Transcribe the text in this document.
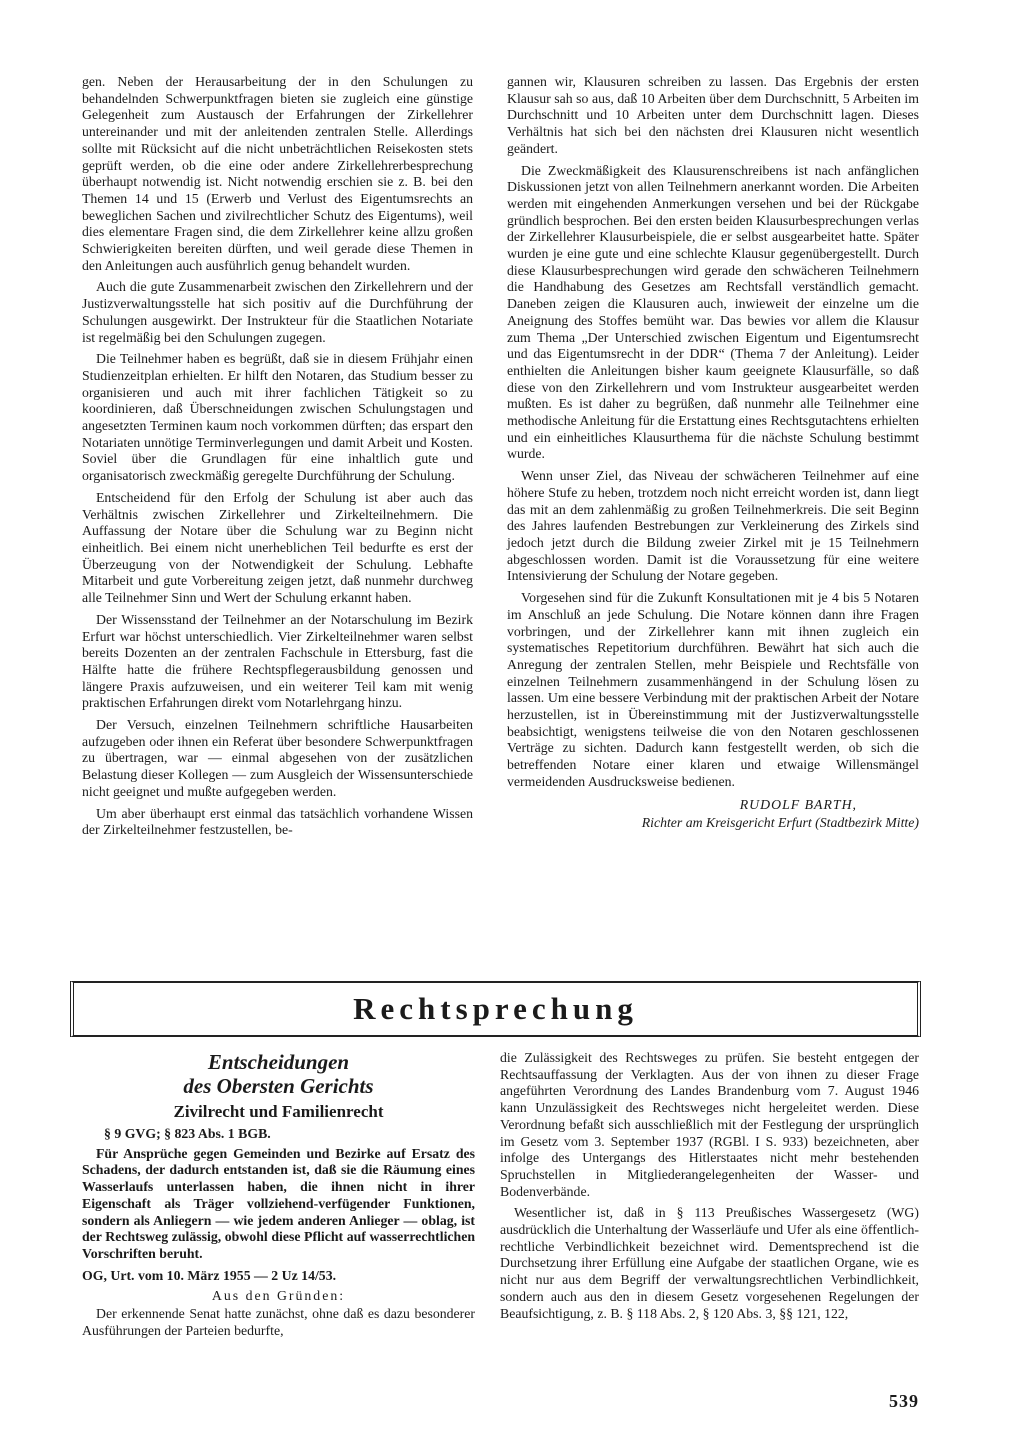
gen. Neben der Herausarbeitung der in den Schulungen zu behandelnden Schwerpunktfragen bieten sie zugleich eine günstige Gelegenheit zum Austausch der Erfahrungen der Zirkellehrer untereinander und mit der anleitenden zentralen Stelle. Allerdings sollte mit Rücksicht auf die nicht unbeträchtlichen Reisekosten stets geprüft werden, ob die eine oder andere Zirkellehrerbesprechung überhaupt notwendig ist. Nicht notwendig erschien sie z. B. bei den Themen 14 und 15 (Erwerb und Verlust des Eigentumsrechts an beweglichen Sachen und zivilrechtlicher Schutz des Eigentums), weil dies elementare Fragen sind, die dem Zirkellehrer keine allzu großen Schwierigkeiten bereiten dürften, und weil gerade diese Themen in den Anleitungen auch ausführlich genug behandelt wurden.

Auch die gute Zusammenarbeit zwischen den Zirkellehrern und der Justizverwaltungsstelle hat sich positiv auf die Durchführung der Schulungen ausgewirkt. Der Instrukteur für die Staatlichen Notariate ist regelmäßig bei den Schulungen zugegen.

Die Teilnehmer haben es begrüßt, daß sie in diesem Frühjahr einen Studienzeitplan erhielten. Er hilft den Notaren, das Studium besser zu organisieren und auch mit ihrer fachlichen Tätigkeit so zu koordinieren, daß Überschneidungen zwischen Schulungstagen und angesetzten Terminen kaum noch vorkommen dürften; das erspart den Notariaten unnötige Terminverlegungen und damit Arbeit und Kosten. Soviel über die Grundlagen für eine inhaltlich gute und organisatorisch zweckmäßig geregelte Durchführung der Schulung.

Entscheidend für den Erfolg der Schulung ist aber auch das Verhältnis zwischen Zirkellehrer und Zirkelteilnehmern. Die Auffassung der Notare über die Schulung war zu Beginn nicht einheitlich. Bei einem nicht unerheblichen Teil bedurfte es erst der Überzeugung von der Notwendigkeit der Schulung. Lebhafte Mitarbeit und gute Vorbereitung zeigen jetzt, daß nunmehr durchweg alle Teilnehmer Sinn und Wert der Schulung erkannt haben.

Der Wissensstand der Teilnehmer an der Notarschulung im Bezirk Erfurt war höchst unterschiedlich. Vier Zirkelteilnehmer waren selbst bereits Dozenten an der zentralen Fachschule in Ettersburg, fast die Hälfte hatte die frühere Rechtspflegerausbildung genossen und längere Praxis aufzuweisen, und ein weiterer Teil kam mit wenig praktischen Erfahrungen direkt vom Notarlehrgang hinzu.

Der Versuch, einzelnen Teilnehmern schriftliche Hausarbeiten aufzugeben oder ihnen ein Referat über besondere Schwerpunktfragen zu übertragen, war — einmal abgesehen von der zusätzlichen Belastung dieser Kollegen — zum Ausgleich der Wissensunterschiede nicht geeignet und mußte aufgegeben werden.

Um aber überhaupt erst einmal das tatsächlich vorhandene Wissen der Zirkelteilnehmer festzustellen, be-

gannen wir, Klausuren schreiben zu lassen. Das Ergebnis der ersten Klausur sah so aus, daß 10 Arbeiten über dem Durchschnitt, 5 Arbeiten im Durchschnitt und 10 Arbeiten unter dem Durchschnitt lagen. Dieses Verhältnis hat sich bei den nächsten drei Klausuren nicht wesentlich geändert.

Die Zweckmäßigkeit des Klausurenschreibens ist nach anfänglichen Diskussionen jetzt von allen Teilnehmern anerkannt worden. Die Arbeiten werden mit eingehenden Anmerkungen versehen und bei der Rückgabe gründlich besprochen. Bei den ersten beiden Klausurbesprechungen verlas der Zirkellehrer Klausurbeispiele, die er selbst ausgearbeitet hatte. Später wurden je eine gute und eine schlechte Klausur gegenübergestellt. Durch diese Klausurbesprechungen wird gerade den schwächeren Teilnehmern die Handhabung des Gesetzes am Rechtsfall verständlich gemacht. Daneben zeigen die Klausuren auch, inwieweit der einzelne um die Aneignung des Stoffes bemüht war. Das bewies vor allem die Klausur zum Thema „Der Unterschied zwischen Eigentum und Eigentumsrecht und das Eigentumsrecht in der DDR“ (Thema 7 der Anleitung). Leider enthielten die Anleitungen bisher kaum geeignete Klausurfälle, so daß diese von den Zirkellehrern und vom Instrukteur ausgearbeitet werden mußten. Es ist daher zu begrüßen, daß nunmehr alle Teilnehmer eine methodische Anleitung für die Erstattung eines Rechtsgutachtens erhielten und ein einheitliches Klausurthema für die nächste Schulung bestimmt wurde.

Wenn unser Ziel, das Niveau der schwächeren Teilnehmer auf eine höhere Stufe zu heben, trotzdem noch nicht erreicht worden ist, dann liegt das mit an dem zahlenmäßig zu großen Teilnehmerkreis. Die seit Beginn des Jahres laufenden Bestrebungen zur Verkleinerung des Zirkels sind jedoch jetzt durch die Bildung zweier Zirkel mit je 15 Teilnehmern abgeschlossen worden. Damit ist die Voraussetzung für eine weitere Intensivierung der Schulung der Notare gegeben.

Vorgesehen sind für die Zukunft Konsultationen mit je 4 bis 5 Notaren im Anschluß an jede Schulung. Die Notare können dann ihre Fragen vorbringen, und der Zirkellehrer kann mit ihnen zugleich ein systematisches Repetitorium durchführen. Bewährt hat sich auch die Anregung der zentralen Stellen, mehr Beispiele und Rechtsfälle von einzelnen Teilnehmern zusammenhängend in der Schulung lösen zu lassen. Um eine bessere Verbindung mit der praktischen Arbeit der Notare herzustellen, ist in Übereinstimmung mit der Justizverwaltungsstelle beabsichtigt, wenigstens teilweise die von den Notaren geschlossenen Verträge zu sichten. Dadurch kann festgestellt werden, ob sich die betreffenden Notare einer klaren und etwaige Willensmängel vermeidenden Ausdrucksweise bedienen.

RUDOLF BARTH,
Richter am Kreisgericht Erfurt (Stadtbezirk Mitte)
Rechtsprechung
Entscheidungen
des Obersten Gerichts
Zivilrecht und Familienrecht
§ 9 GVG; § 823 Abs. 1 BGB.

Für Ansprüche gegen Gemeinden und Bezirke auf Ersatz des Schadens, der dadurch entstanden ist, daß sie die Räumung eines Wasserlaufs unterlassen haben, die ihnen nicht in ihrer Eigenschaft als Träger vollziehend-verfügender Funktionen, sondern als Anliegern — wie jedem anderen Anlieger — oblag, ist der Rechtsweg zulässig, obwohl diese Pflicht auf wasserrechtlichen Vorschriften beruht.

OG, Urt. vom 10. März 1955 — 2 Uz 14/53.
Aus den Gründen:

Der erkennende Senat hatte zunächst, ohne daß es dazu besonderer Ausführungen der Parteien bedurfte,

die Zulässigkeit des Rechtsweges zu prüfen. Sie besteht entgegen der Rechtsauffassung der Verklagten. Aus der von ihnen zu dieser Frage angeführten Verordnung des Landes Brandenburg vom 7. August 1946 kann Unzulässigkeit des Rechtsweges nicht hergeleitet werden. Diese Verordnung befaßt sich ausschließlich mit der Festlegung der ursprünglich im Gesetz vom 3. September 1937 (RGBl. I S. 933) bezeichneten, aber infolge des Untergangs des Hitlerstaates nicht mehr bestehenden Spruchstellen in Mitgliederangelegenheiten der Wasser- und Bodenverbände.

Wesentlicher ist, daß in § 113 Preußisches Wassergesetz (WG) ausdrücklich die Unterhaltung der Wasserläufe und Ufer als eine öffentlich-rechtliche Verbindlichkeit bezeichnet wird. Dementsprechend ist die Durchsetzung ihrer Erfüllung eine Aufgabe der staatlichen Organe, wie es nicht nur aus dem Begriff der verwaltungsrechtlichen Verbindlichkeit, sondern auch aus den in diesem Gesetz vorgesehenen Regelungen der Beaufsichtigung, z. B. § 118 Abs. 2, § 120 Abs. 3, §§ 121, 122,

539
